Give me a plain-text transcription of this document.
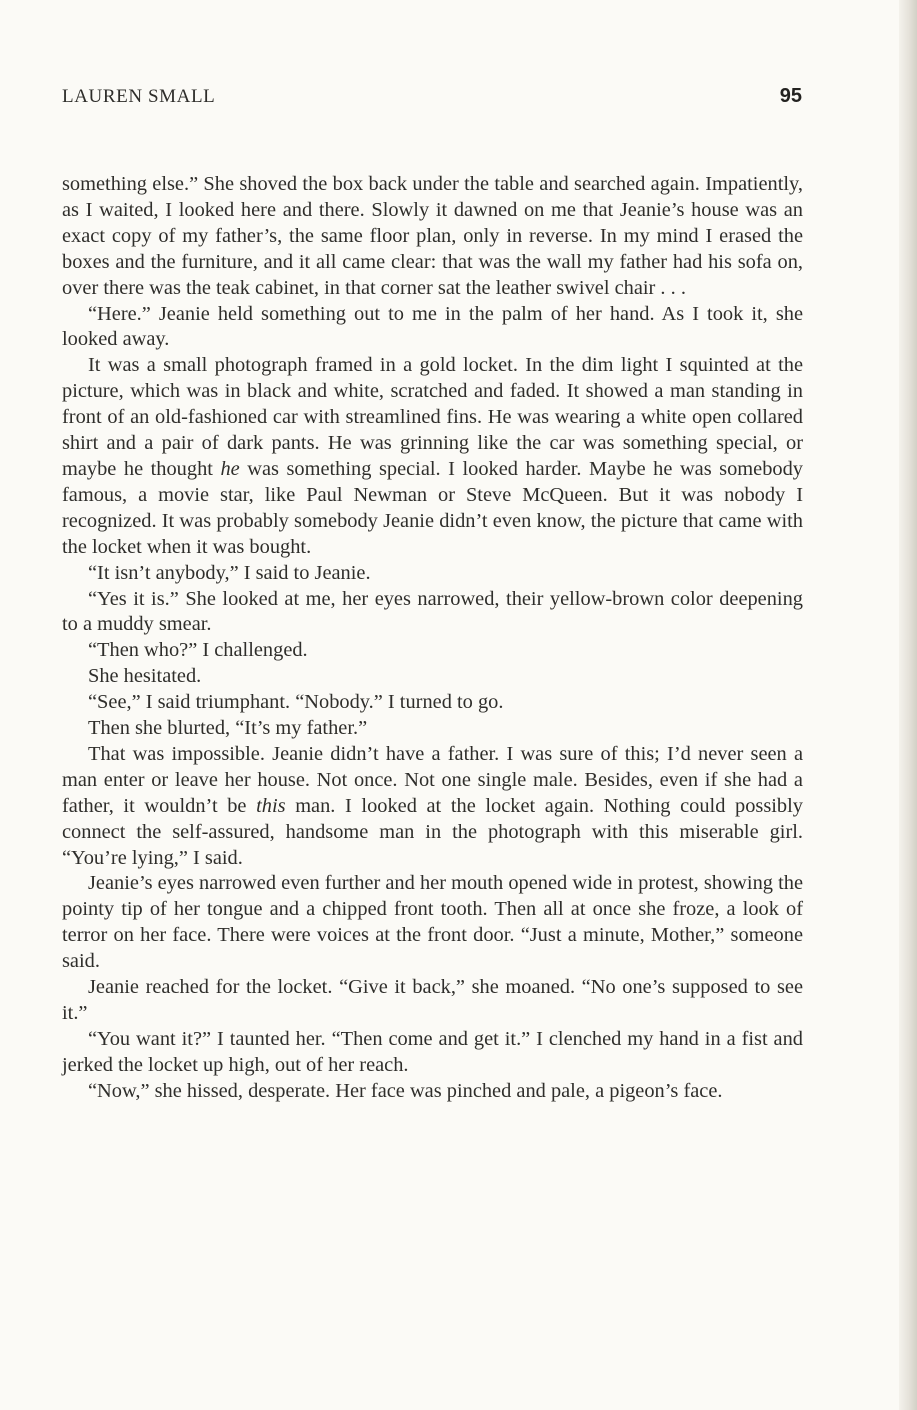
LAUREN SMALL	95

something else.” She shoved the box back under the table and searched again. Impatiently, as I waited, I looked here and there. Slowly it dawned on me that Jeanie’s house was an exact copy of my father’s, the same floor plan, only in reverse. In my mind I erased the boxes and the furniture, and it all came clear: that was the wall my father had his sofa on, over there was the teak cabinet, in that corner sat the leather swivel chair . . .

“Here.” Jeanie held something out to me in the palm of her hand. As I took it, she looked away.

It was a small photograph framed in a gold locket. In the dim light I squinted at the picture, which was in black and white, scratched and faded. It showed a man standing in front of an old-fashioned car with streamlined fins. He was wearing a white open collared shirt and a pair of dark pants. He was grinning like the car was something special, or maybe he thought he was something special. I looked harder. Maybe he was somebody famous, a movie star, like Paul Newman or Steve McQueen. But it was nobody I recognized. It was probably somebody Jeanie didn’t even know, the picture that came with the locket when it was bought.

“It isn’t anybody,” I said to Jeanie.

“Yes it is.” She looked at me, her eyes narrowed, their yellow-brown color deepening to a muddy smear.

“Then who?” I challenged.

She hesitated.

“See,” I said triumphant. “Nobody.” I turned to go.

Then she blurted, “It’s my father.”

That was impossible. Jeanie didn’t have a father. I was sure of this; I’d never seen a man enter or leave her house. Not once. Not one single male. Besides, even if she had a father, it wouldn’t be this man. I looked at the locket again. Nothing could possibly connect the self-assured, handsome man in the photograph with this miserable girl. “You’re lying,” I said.

Jeanie’s eyes narrowed even further and her mouth opened wide in protest, showing the pointy tip of her tongue and a chipped front tooth. Then all at once she froze, a look of terror on her face. There were voices at the front door. “Just a minute, Mother,” someone said.

Jeanie reached for the locket. “Give it back,” she moaned. “No one’s supposed to see it.”

“You want it?” I taunted her. “Then come and get it.” I clenched my hand in a fist and jerked the locket up high, out of her reach.

“Now,” she hissed, desperate. Her face was pinched and pale, a pigeon’s face.
